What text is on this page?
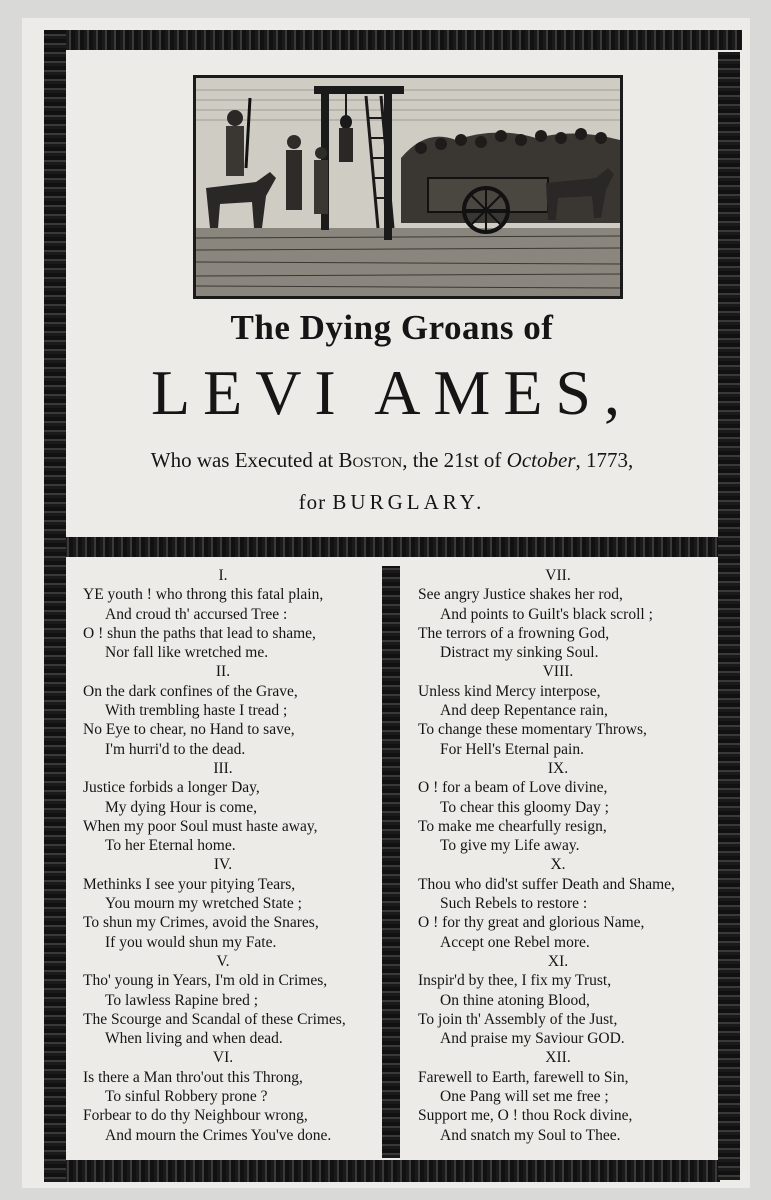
The Dying Groans of
LEVI AMES,

Who was Executed at Boston, the 21st of October, 1773,

for BURGLARY.

I.

YE youth ! who throng this fatal plain,

And croud th' accursed Tree :

O ! shun the paths that lead to shame,

Nor fall like wretched me.

II.

On the dark confines of the Grave,

With trembling haste I tread ;

No Eye to chear, no Hand to save,

I'm hurri'd to the dead.

III.

Justice forbids a longer Day,

My dying Hour is come,

When my poor Soul must haste away,

To her Eternal home.

IV.

Methinks I see your pitying Tears,

You mourn my wretched State ;

To shun my Crimes, avoid the Snares,

If you would shun my Fate.

V.

Tho' young in Years, I'm old in Crimes,

To lawless Rapine bred ;

The Scourge and Scandal of these Crimes,

When living and when dead.

VI.

Is there a Man thro'out this Throng,

To sinful Robbery prone ?

Forbear to do thy Neighbour wrong,

And mourn the Crimes You've done.

VII.

See angry Justice shakes her rod,

And points to Guilt's black scroll ;

The terrors of a frowning God,

Distract my sinking Soul.

VIII.

Unless kind Mercy interpose,

And deep Repentance rain,

To change these momentary Throws,

For Hell's Eternal pain.

IX.

O ! for a beam of Love divine,

To chear this gloomy Day ;

To make me chearfully resign,

To give my Life away.

X.

Thou who did'st suffer Death and Shame,

Such Rebels to restore :

O ! for thy great and glorious Name,

Accept one Rebel more.

XI.

Inspir'd by thee, I fix my Trust,

On thine atoning Blood,

To join th' Assembly of the Just,

And praise my Saviour GOD.

XII.

Farewell to Earth, farewell to Sin,

One Pang will set me free ;

Support me, O ! thou Rock divine,

And snatch my Soul to Thee.
